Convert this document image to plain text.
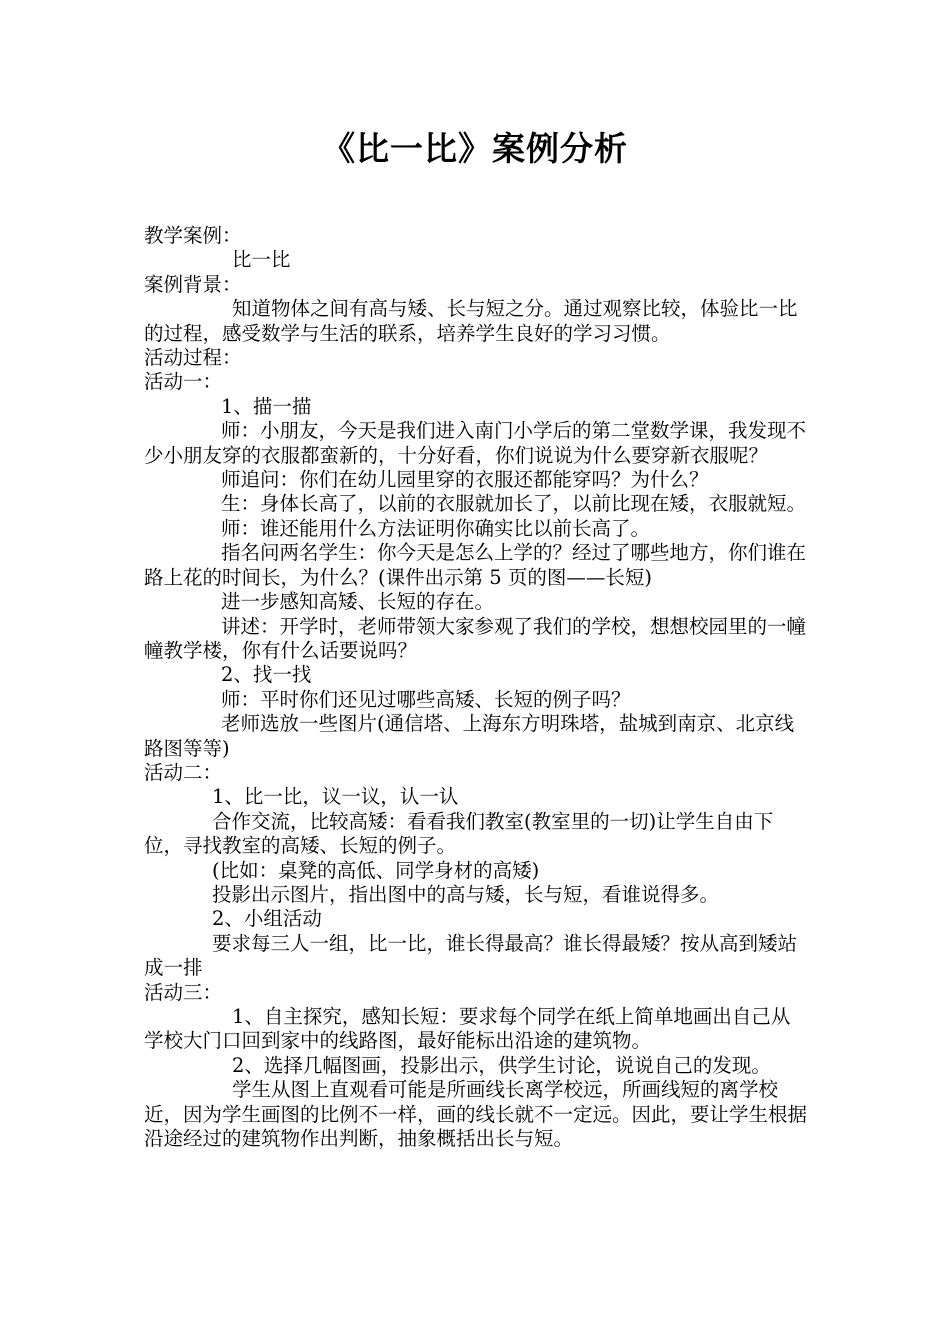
《比一比》案例分析

教学案例：

比一比

案例背景：

知道物体之间有高与矮、长与短之分。通过观察比较，体验比一比的过程，感受数学与生活的联系，培养学生良好的学习习惯。

活动过程：

活动一：

1、描一描

师：小朋友，今天是我们进入南门小学后的第二堂数学课，我发现不少小朋友穿的衣服都蛮新的，十分好看，你们说说为什么要穿新衣服呢？

师追问：你们在幼儿园里穿的衣服还都能穿吗？为什么？

生：身体长高了，以前的衣服就加长了，以前比现在矮，衣服就短。

师：谁还能用什么方法证明你确实比以前长高了。

指名问两名学生：你今天是怎么上学的？经过了哪些地方，你们谁在路上花的时间长，为什么？(课件出示第 5 页的图——长短)

进一步感知高矮、长短的存在。

讲述：开学时，老师带领大家参观了我们的学校，想想校园里的一幢幢教学楼，你有什么话要说吗？

2、找一找

师：平时你们还见过哪些高矮、长短的例子吗？

老师选放一些图片(通信塔、上海东方明珠塔，盐城到南京、北京线路图等等)

活动二：

1、比一比，议一议，认一认

合作交流，比较高矮：看看我们教室(教室里的一切)让学生自由下位，寻找教室的高矮、长短的例子。

(比如：桌凳的高低、同学身材的高矮)

投影出示图片，指出图中的高与矮，长与短，看谁说得多。

2、小组活动

要求每三人一组，比一比，谁长得最高？谁长得最矮？按从高到矮站成一排

活动三：

1、自主探究，感知长短：要求每个同学在纸上简单地画出自己从学校大门口回到家中的线路图，最好能标出沿途的建筑物。

2、选择几幅图画，投影出示，供学生讨论，说说自己的发现。

学生从图上直观看可能是所画线长离学校远，所画线短的离学校近，因为学生画图的比例不一样，画的线长就不一定远。因此，要让学生根据沿途经过的建筑物作出判断，抽象概括出长与短。
